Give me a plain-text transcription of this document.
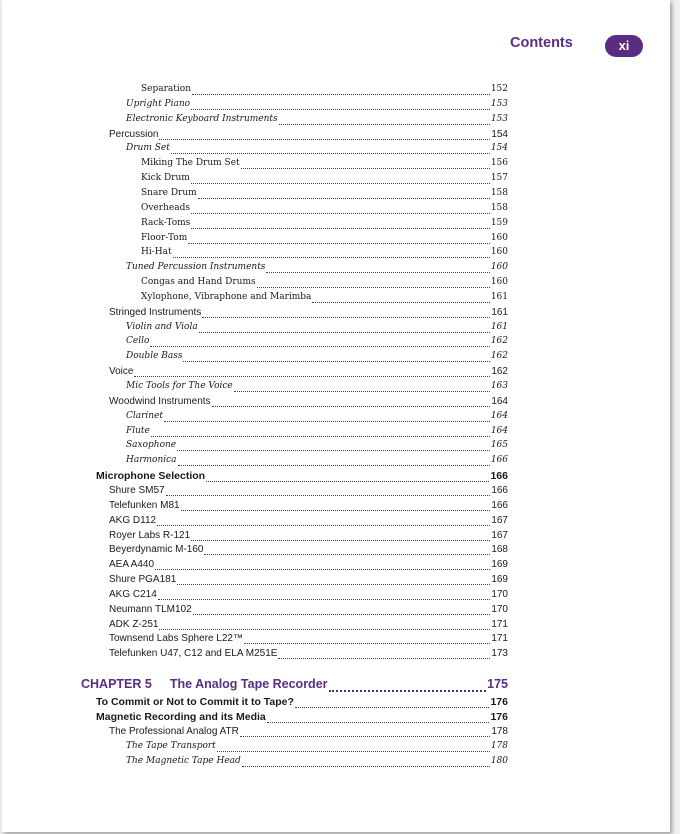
Contents	xi
Separation	152
Upright Piano	153
Electronic Keyboard Instruments	153
Percussion	154
Drum Set	154
Miking The Drum Set	156
Kick Drum	157
Snare Drum	158
Overheads	158
Rack-Toms	159
Floor-Tom	160
Hi-Hat	160
Tuned Percussion Instruments	160
Congas and Hand Drums	160
Xylophone, Vibraphone and Marimba	161
Stringed Instruments	161
Violin and Viola	161
Cello	162
Double Bass	162
Voice	162
Mic Tools for The Voice	163
Woodwind Instruments	164
Clarinet	164
Flute	164
Saxophone	165
Harmonica	166
Microphone Selection	166
Shure SM57	166
Telefunken M81	166
AKG D112	167
Royer Labs R-121	167
Beyerdynamic M-160	168
AEA A440	169
Shure PGA181	169
AKG C214	170
Neumann TLM102	170
ADK Z-251	171
Townsend Labs Sphere L22™	171
Telefunken U47, C12 and ELA M251E	173
CHAPTER 5 The Analog Tape Recorder	175
To Commit or Not to Commit it to Tape?	176
Magnetic Recording and its Media	176
The Professional Analog ATR	178
The Tape Transport	178
The Magnetic Tape Head	180
